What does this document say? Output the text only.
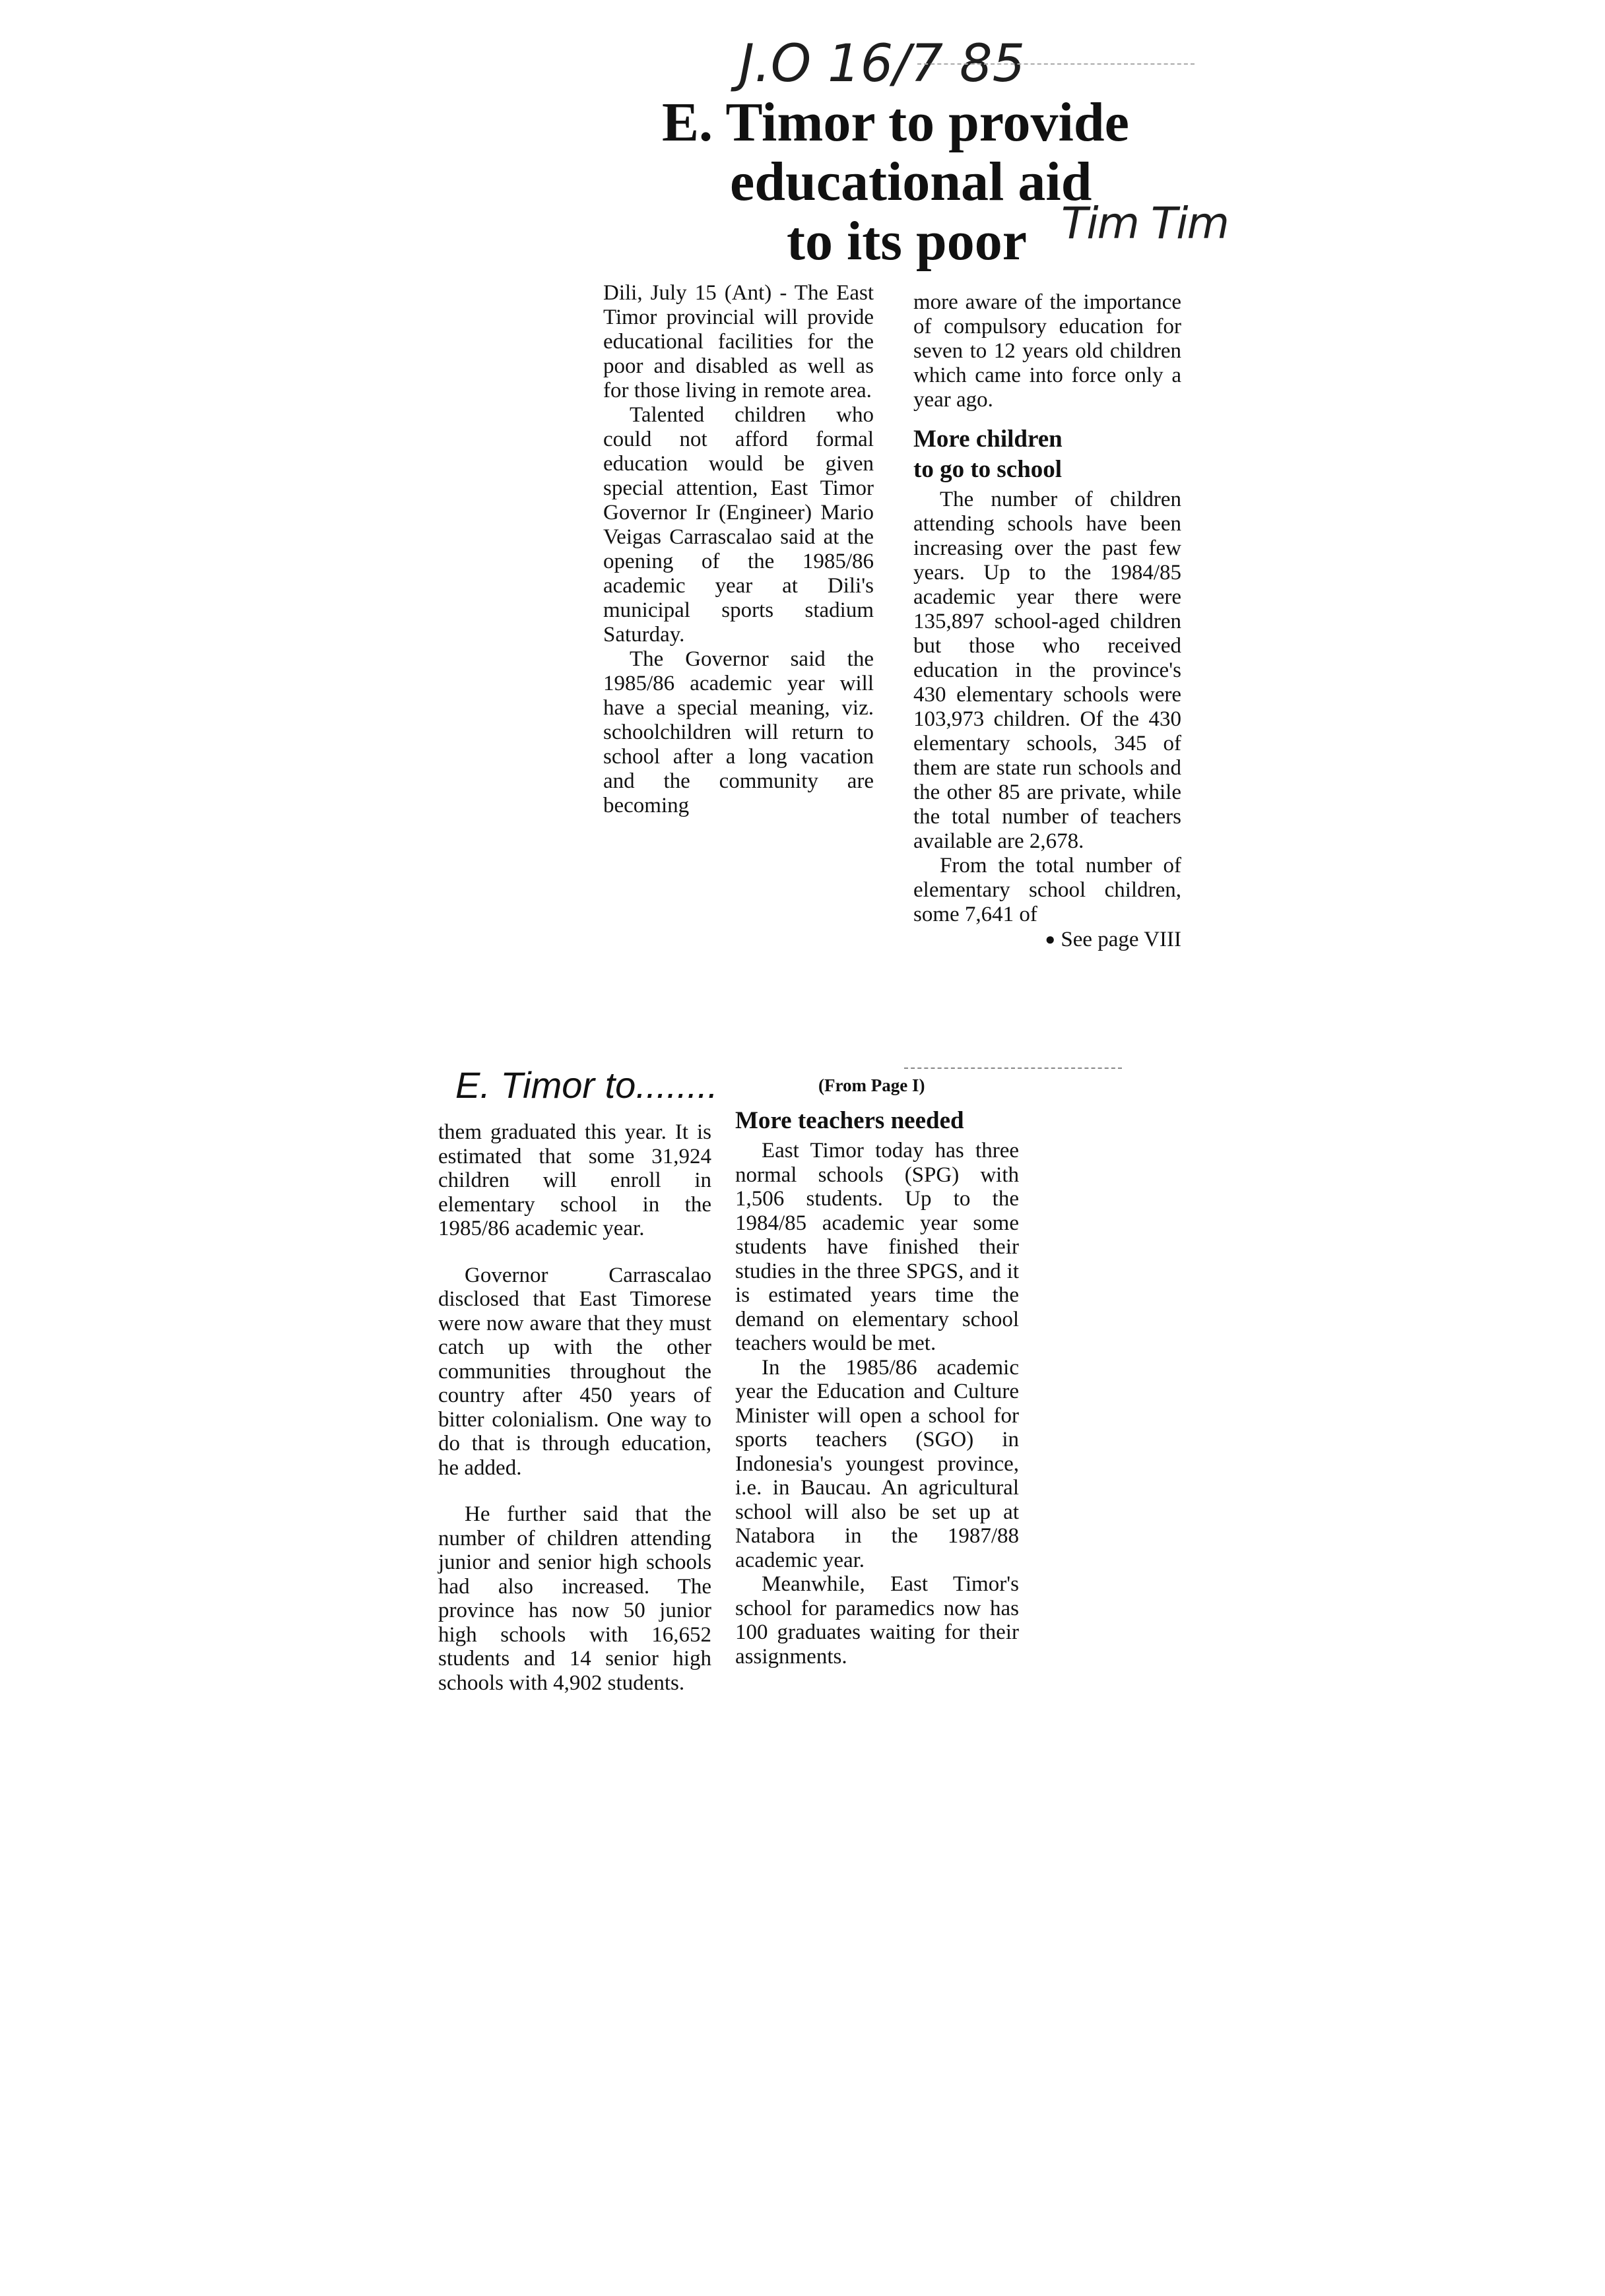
J.O 16/7 85
Tim Tim
E. Timor to provide
educational aid
to its poor

Dili, July 15 (Ant) - The East Timor provincial will provide educational facilities for the poor and disabled as well as for those living in remote area.

Talented children who could not afford formal education would be given special attention, East Timor Governor Ir (Engineer) Mario Veigas Carrascalao said at the opening of the 1985/86 academic year at Dili's municipal sports stadium Saturday.

The Governor said the 1985/86 academic year will have a special meaning, viz. schoolchildren will return to school after a long vacation and the community are becoming

more aware of the importance of compulsory education for seven to 12 years old children which came into force only a year ago.

More children
to go to school

The number of children attending schools have been increasing over the past few years. Up to the 1984/85 academic year there were 135,897 school-aged children but those who received education in the province's 430 elementary schools were 103,973 children. Of the 430 elementary schools, 345 of them are state run schools and the other 85 are private, while the total number of teachers available are 2,678.

From the total number of elementary school children, some 7,641 of

● See page VIII
E. Timor to........	(From Page I)

them graduated this year. It is estimated that some 31,924 children will enroll in elementary school in the 1985/86 academic year.

Governor Carrascalao disclosed that East Timorese were now aware that they must catch up with the other communities throughout the country after 450 years of bitter colonialism. One way to do that is through education, he added.

He further said that the number of children attending junior and senior high schools had also increased. The province has now 50 junior high schools with 16,652 students and 14 senior high schools with 4,902 students.

More teachers needed

East Timor today has three normal schools (SPG) with 1,506 students. Up to the 1984/85 academic year some students have finished their studies in the three SPGS, and it is estimated years time the demand on elementary school teachers would be met.

In the 1985/86 academic year the Education and Culture Minister will open a school for sports teachers (SGO) in Indonesia's youngest province, i.e. in Baucau. An agricultural school will also be set up at Natabora in the 1987/88 academic year.

Meanwhile, East Timor's school for paramedics now has 100 graduates waiting for their assignments.
